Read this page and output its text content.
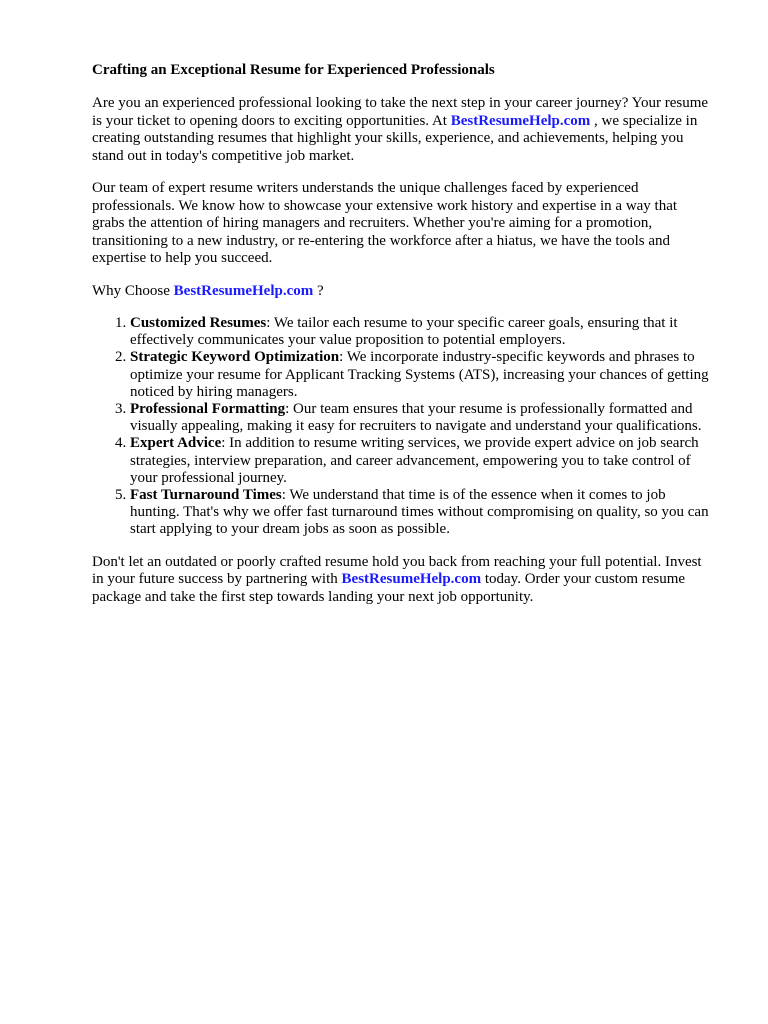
Crafting an Exceptional Resume for Experienced Professionals

Are you an experienced professional looking to take the next step in your career journey? Your resume is your ticket to opening doors to exciting opportunities. At BestResumeHelp.com , we specialize in creating outstanding resumes that highlight your skills, experience, and achievements, helping you stand out in today's competitive job market.

Our team of expert resume writers understands the unique challenges faced by experienced professionals. We know how to showcase your extensive work history and expertise in a way that grabs the attention of hiring managers and recruiters. Whether you're aiming for a promotion, transitioning to a new industry, or re-entering the workforce after a hiatus, we have the tools and expertise to help you succeed.

Why Choose BestResumeHelp.com ?

1. Customized Resumes: We tailor each resume to your specific career goals, ensuring that it effectively communicates your value proposition to potential employers.
2. Strategic Keyword Optimization: We incorporate industry-specific keywords and phrases to optimize your resume for Applicant Tracking Systems (ATS), increasing your chances of getting noticed by hiring managers.
3. Professional Formatting: Our team ensures that your resume is professionally formatted and visually appealing, making it easy for recruiters to navigate and understand your qualifications.
4. Expert Advice: In addition to resume writing services, we provide expert advice on job search strategies, interview preparation, and career advancement, empowering you to take control of your professional journey.
5. Fast Turnaround Times: We understand that time is of the essence when it comes to job hunting. That's why we offer fast turnaround times without compromising on quality, so you can start applying to your dream jobs as soon as possible.

Don't let an outdated or poorly crafted resume hold you back from reaching your full potential. Invest in your future success by partnering with BestResumeHelp.com today. Order your custom resume package and take the first step towards landing your next job opportunity.
